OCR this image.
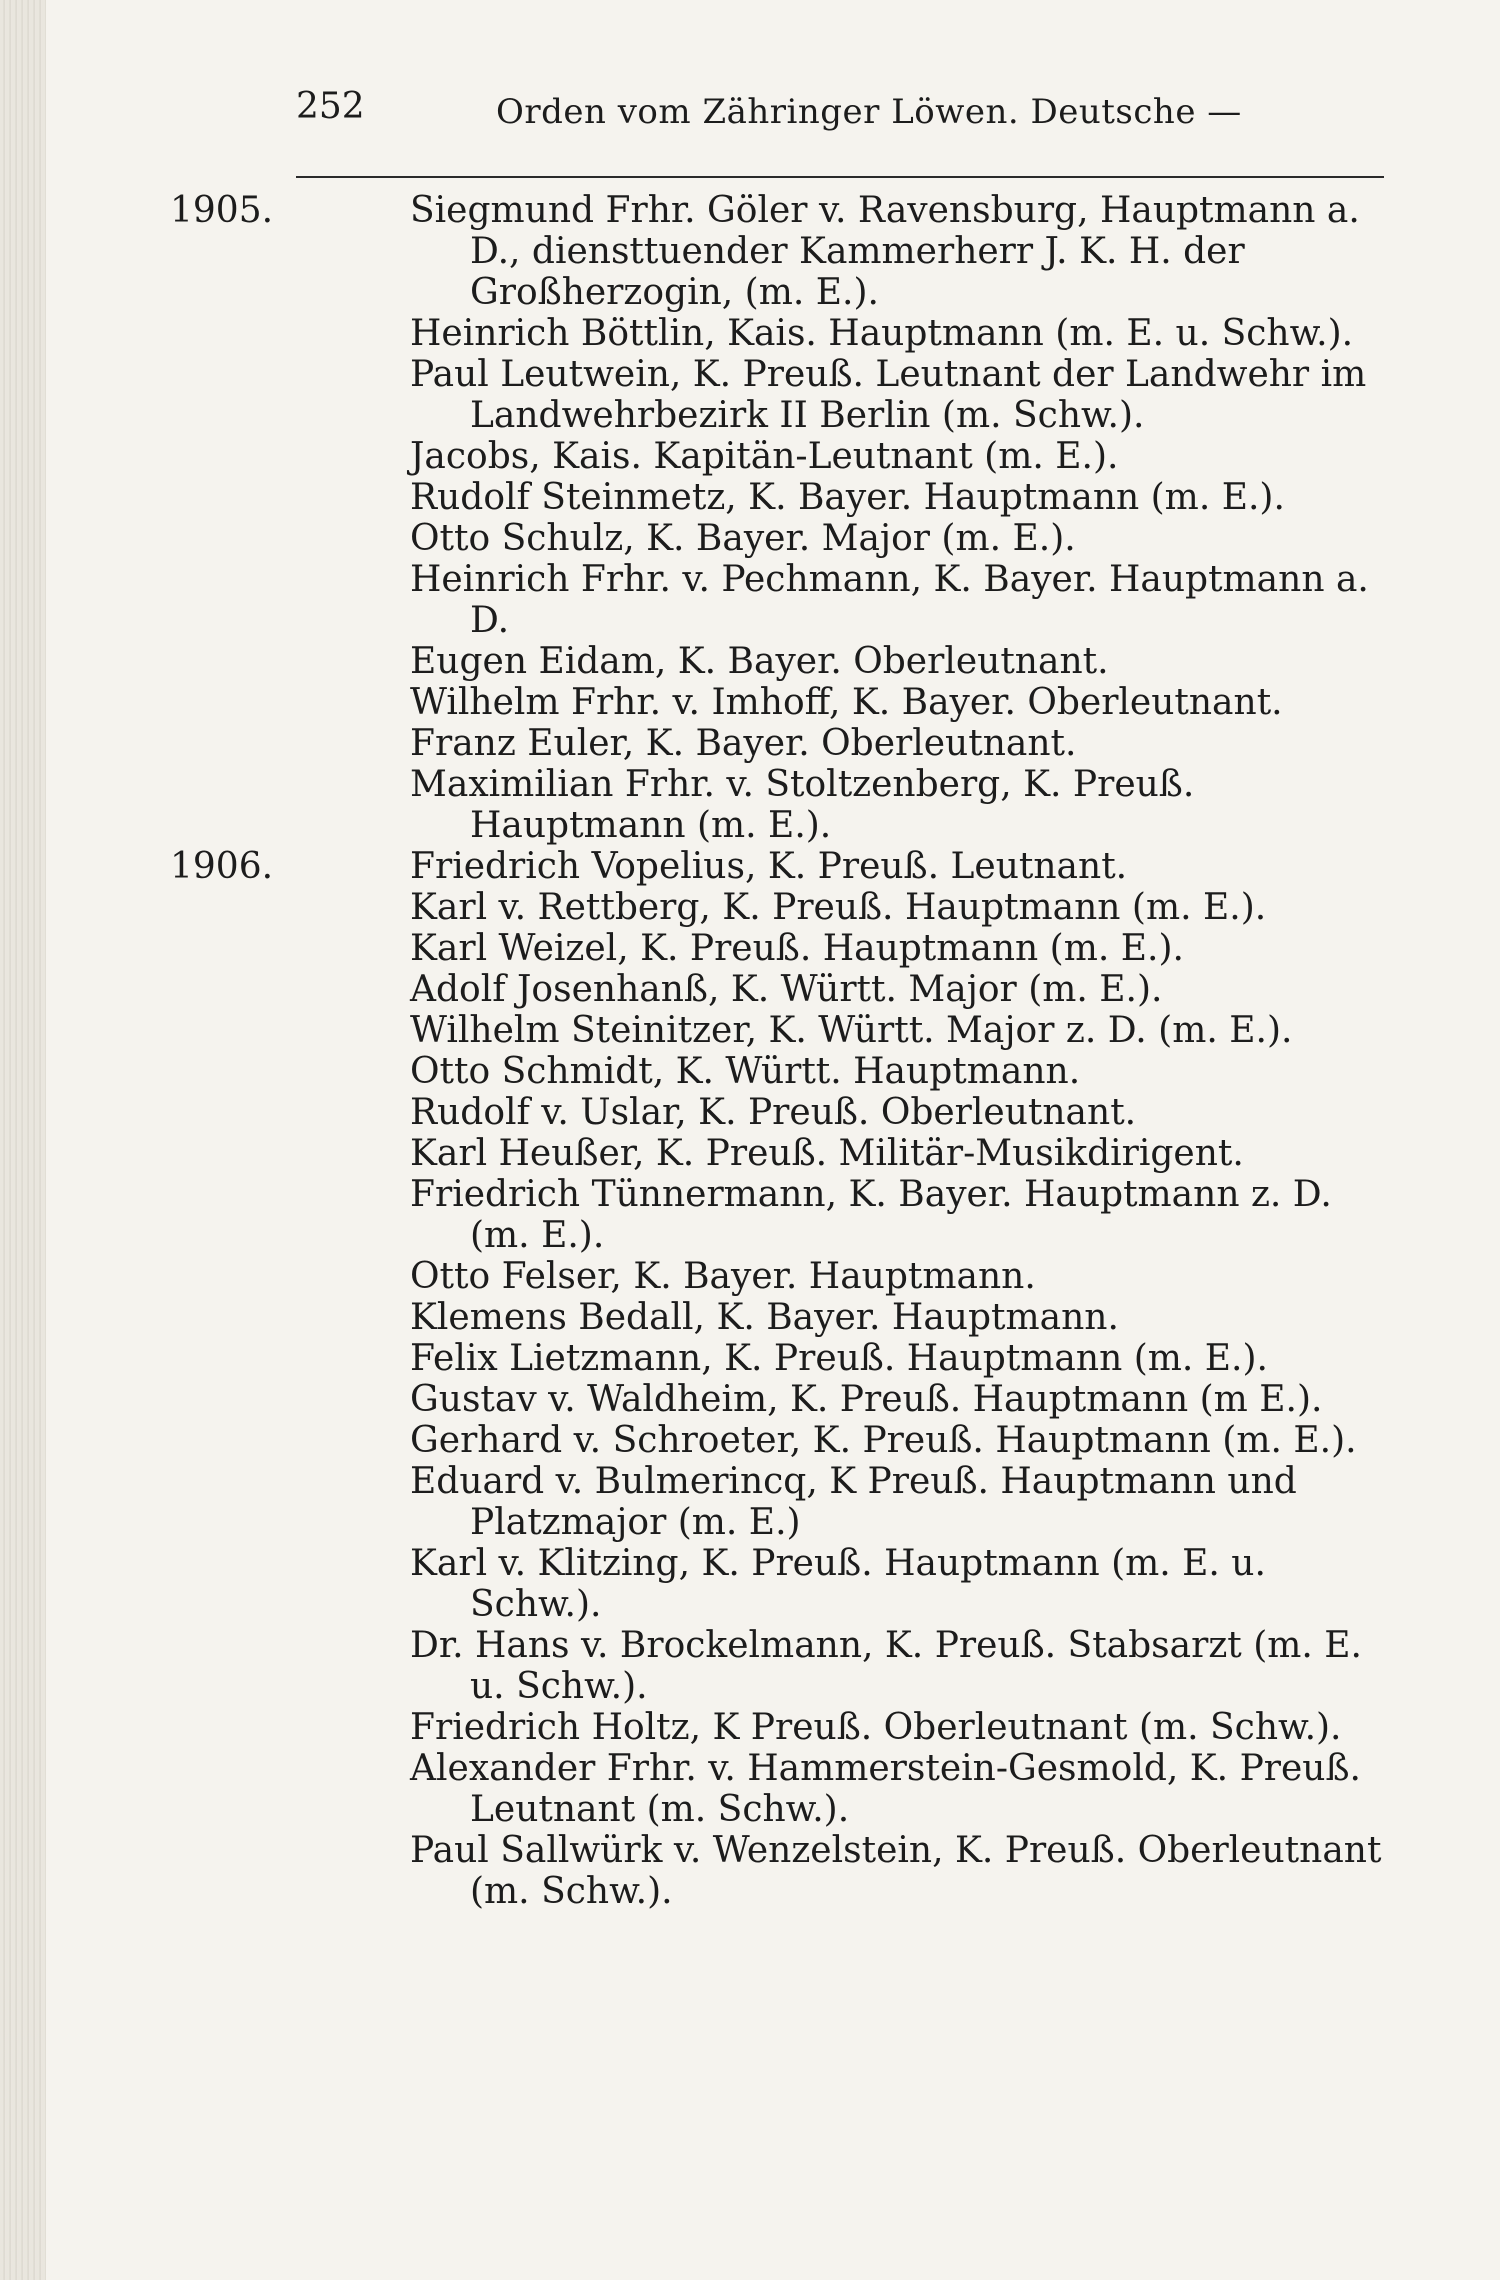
252	Orden vom Zähringer Löwen. Deutsche —
1905.	Siegmund Frhr. Göler v. Ravensburg, Hauptmann a. D., diensttuender Kammerherr J. K. H. der Großherzogin, (m. E.).
Heinrich Böttlin, Kais. Hauptmann (m. E. u. Schw.).
Paul Leutwein, K. Preuß. Leutnant der Landwehr im Landwehrbezirk II Berlin (m. Schw.).
Jacobs, Kais. Kapitän-Leutnant (m. E.).
Rudolf Steinmetz, K. Bayer. Hauptmann (m. E.).
Otto Schulz, K. Bayer. Major (m. E.).
Heinrich Frhr. v. Pechmann, K. Bayer. Hauptmann a. D.
Eugen Eidam, K. Bayer. Oberleutnant.
Wilhelm Frhr. v. Imhoff, K. Bayer. Oberleutnant.
Franz Euler, K. Bayer. Oberleutnant.
Maximilian Frhr. v. Stoltzenberg, K. Preuß. Hauptmann (m. E.).
1906.	Friedrich Vopelius, K. Preuß. Leutnant.
Karl v. Rettberg, K. Preuß. Hauptmann (m. E.).
Karl Weizel, K. Preuß. Hauptmann (m. E.).
Adolf Josenhanß, K. Württ. Major (m. E.).
Wilhelm Steinitzer, K. Württ. Major z. D. (m. E.).
Otto Schmidt, K. Württ. Hauptmann.
Rudolf v. Uslar, K. Preuß. Oberleutnant.
Karl Heußer, K. Preuß. Militär-Musikdirigent.
Friedrich Tünnermann, K. Bayer. Hauptmann z. D. (m. E.).
Otto Felser, K. Bayer. Hauptmann.
Klemens Bedall, K. Bayer. Hauptmann.
Felix Lietzmann, K. Preuß. Hauptmann (m. E.).
Gustav v. Waldheim, K. Preuß. Hauptmann (m E.).
Gerhard v. Schroeter, K. Preuß. Hauptmann (m. E.).
Eduard v. Bulmerincq, K Preuß. Hauptmann und Platzmajor (m. E.)
Karl v. Klitzing, K. Preuß. Hauptmann (m. E. u. Schw.).
Dr. Hans v. Brockelmann, K. Preuß. Stabsarzt (m. E. u. Schw.).
Friedrich Holtz, K Preuß. Oberleutnant (m. Schw.).
Alexander Frhr. v. Hammerstein-Gesmold, K. Preuß. Leutnant (m. Schw.).
Paul Sallwürk v. Wenzelstein, K. Preuß. Oberleutnant (m. Schw.).
